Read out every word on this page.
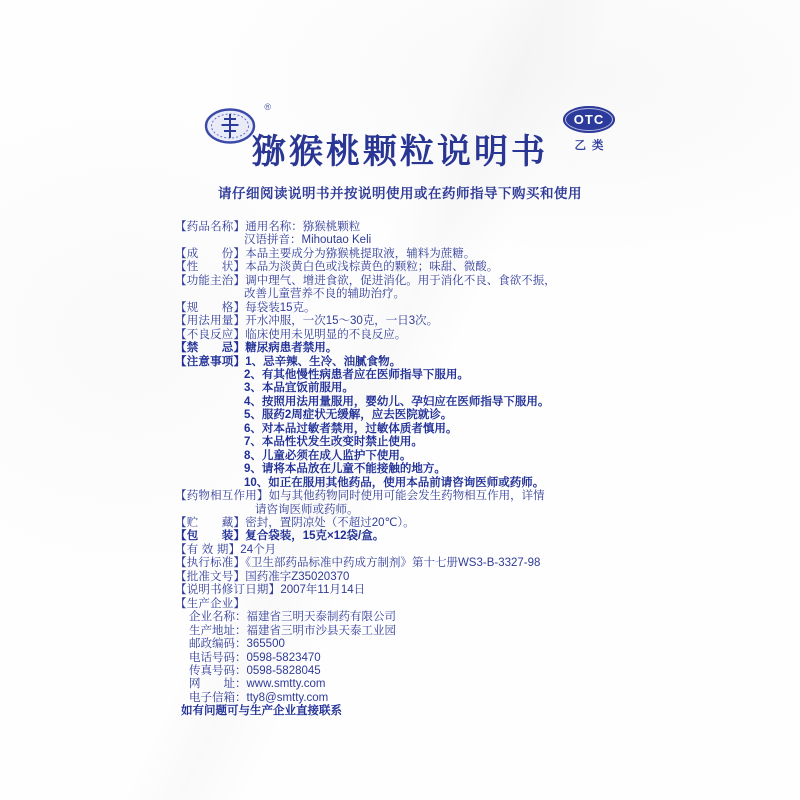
®
猕猴桃颗粒说明书
OTC
乙类
请仔细阅读说明书并按说明使用或在药师指导下购买和使用
【药品名称】通用名称：猕猴桃颗粒
汉语拼音：Mihoutao Keli
【成　　份】本品主要成分为猕猴桃提取液，辅料为蔗糖。
【性　　状】本品为淡黄白色或浅棕黄色的颗粒；味甜、微酸。
【功能主治】调中理气、增进食欲，促进消化。用于消化不良、食欲不振，
改善儿童营养不良的辅助治疗。
【规　　格】每袋装15克。
【用法用量】开水冲服，一次15～30克，一日3次。
【不良反应】临床使用未见明显的不良反应。
【禁　　忌】糖尿病患者禁用。
【注意事项】1、忌辛辣、生冷、油腻食物。
2、有其他慢性病患者应在医师指导下服用。
3、本品宜饭前服用。
4、按照用法用量服用，婴幼儿、孕妇应在医师指导下服用。
5、服药2周症状无缓解，应去医院就诊。
6、对本品过敏者禁用，过敏体质者慎用。
7、本品性状发生改变时禁止使用。
8、儿童必须在成人监护下使用。
9、请将本品放在儿童不能接触的地方。
10、如正在服用其他药品，使用本品前请咨询医师或药师。
【药物相互作用】如与其他药物同时使用可能会发生药物相互作用，详情
请咨询医师或药师。
【贮　　藏】密封，置阴凉处（不超过20℃）。
【包　　装】复合袋装，15克×12袋/盒。
【有 效 期】24个月
【执行标准】《卫生部药品标准中药成方制剂》第十七册WS3-B-3327-98
【批准文号】国药准字Z35020370
【说明书修订日期】2007年11月14日
【生产企业】
企业名称：福建省三明天泰制药有限公司
生产地址：福建省三明市沙县天泰工业园
邮政编码：365500
电话号码：0598-5823470
传真号码：0598-5828045
网　　址：www.smtty.com
电子信箱：tty8@smtty.com
如有问题可与生产企业直接联系
